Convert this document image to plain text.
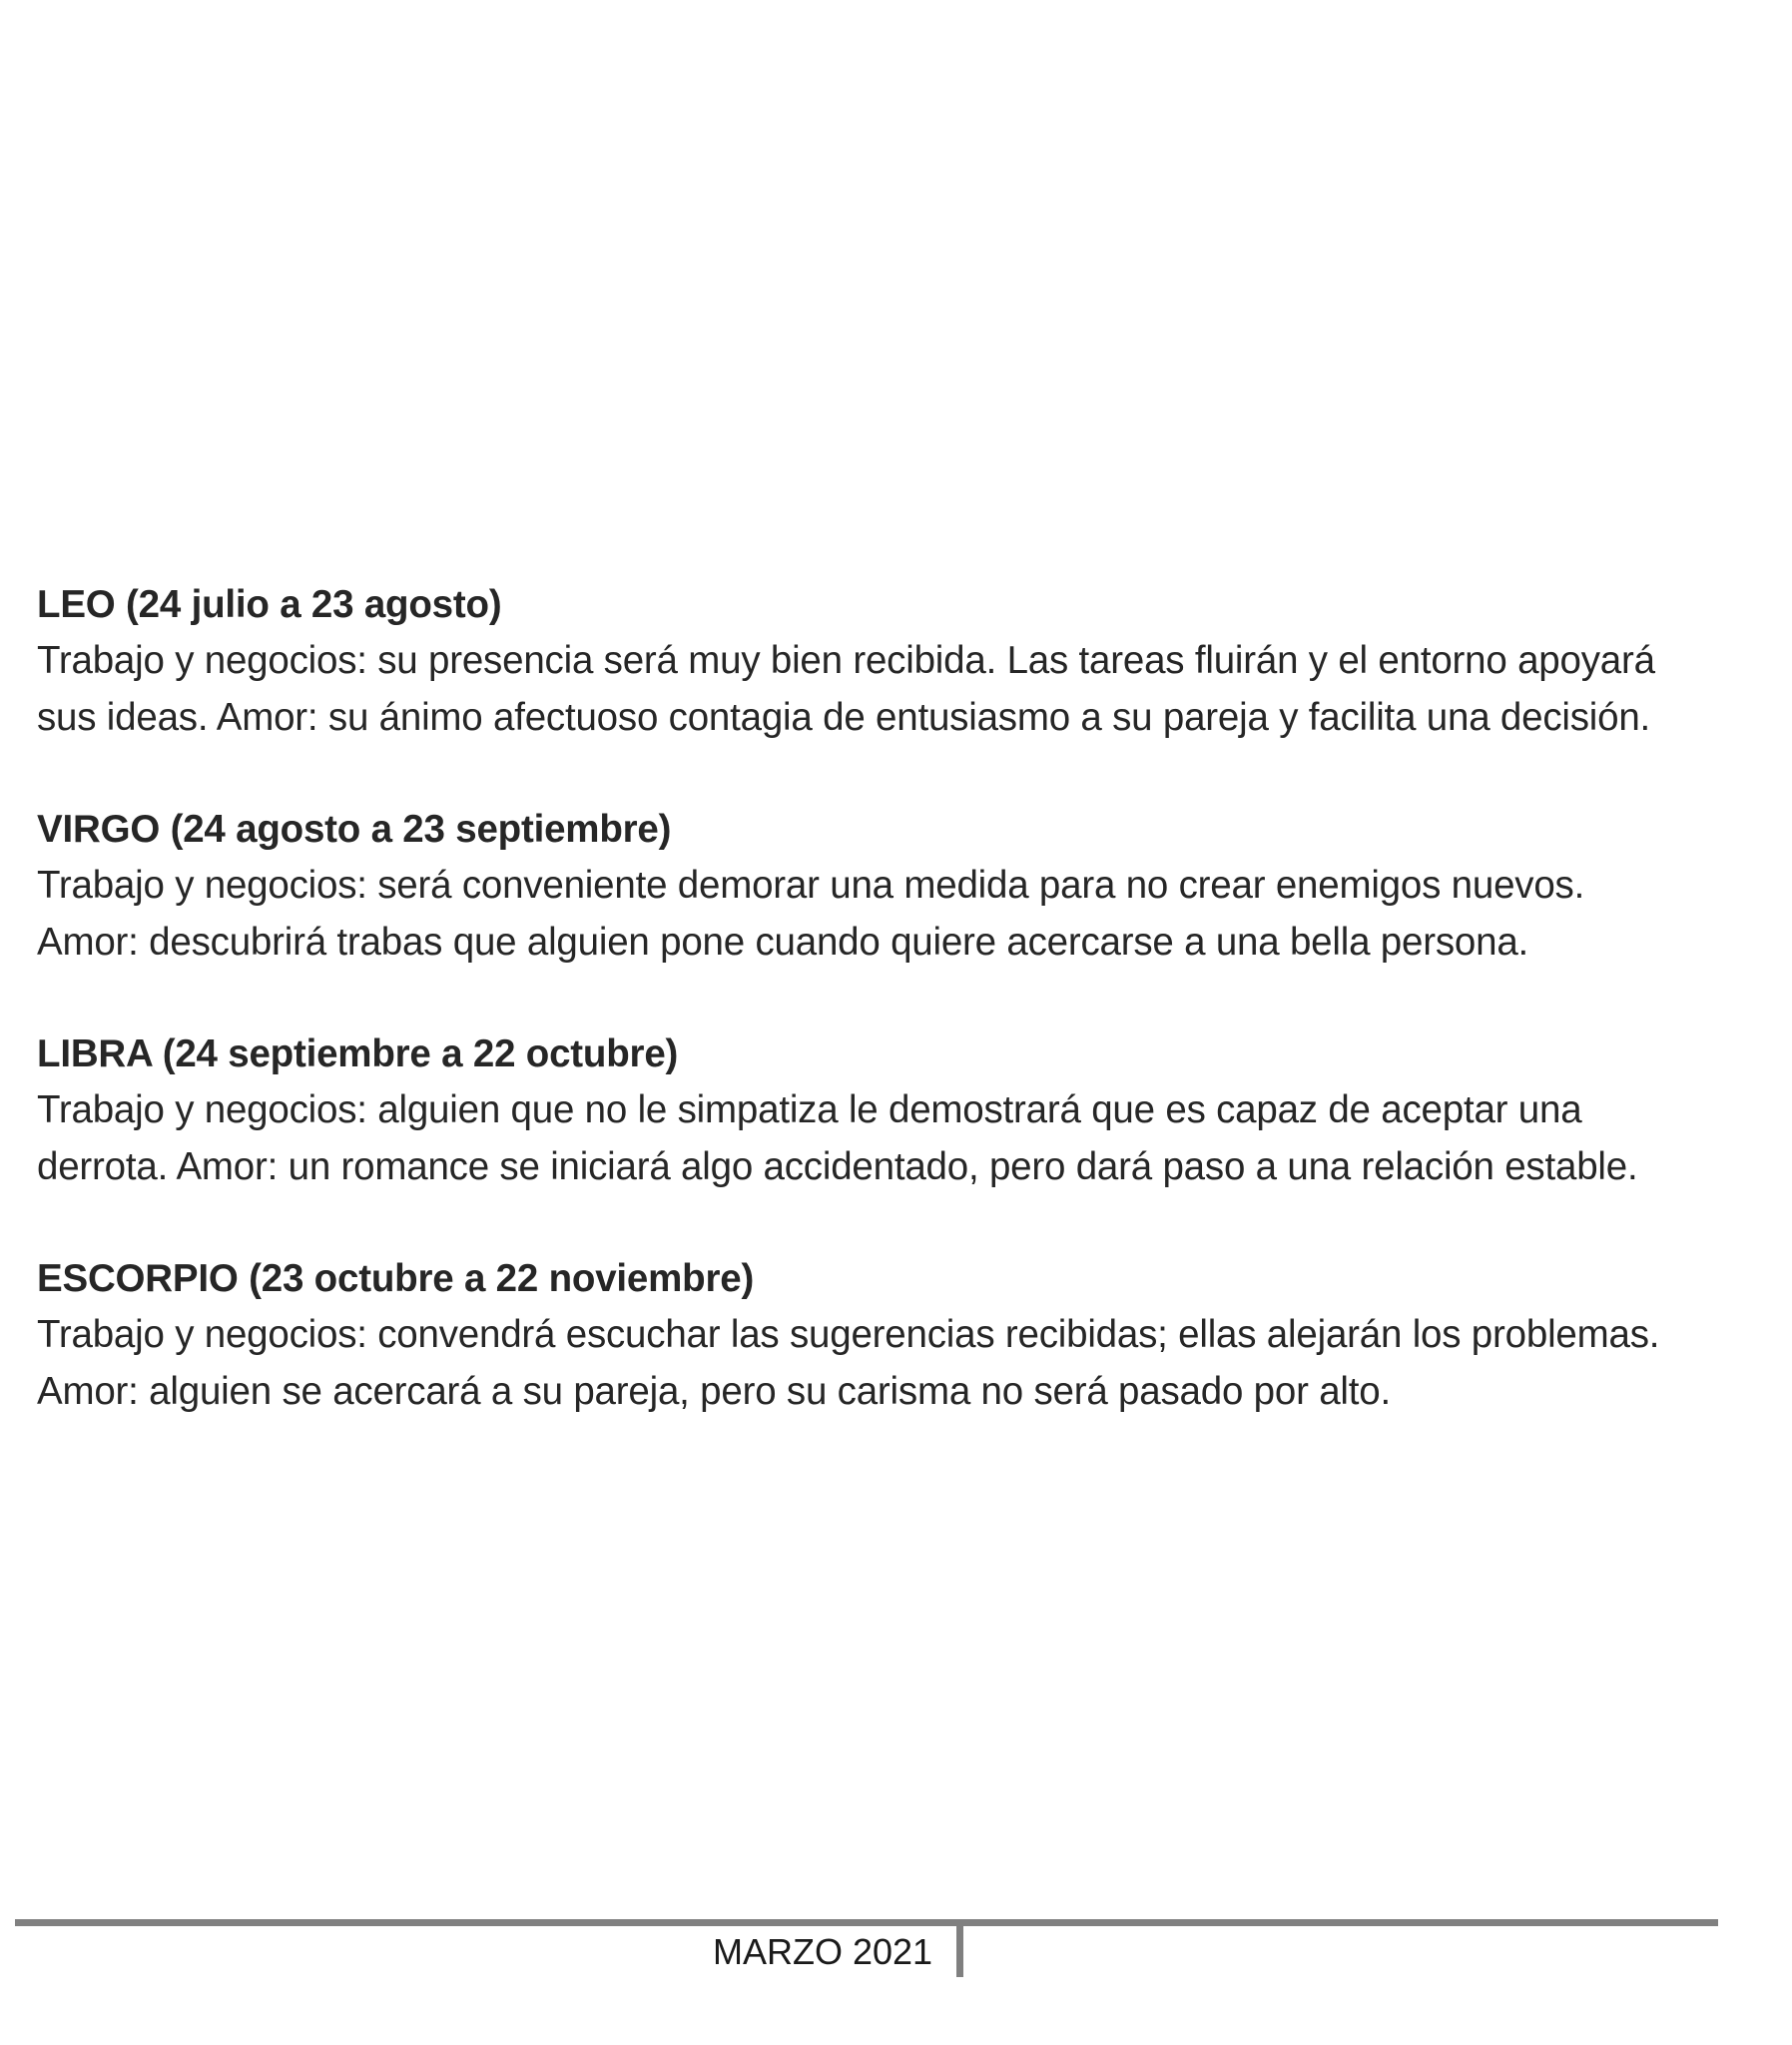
LEO (24 julio a 23 agosto)
Trabajo y negocios: su presencia será muy bien recibida. Las tareas fluirán y el entorno apoyará sus ideas. Amor: su ánimo afectuoso contagia de entusiasmo a su pareja y facilita una decisión.
VIRGO (24 agosto a 23 septiembre)
Trabajo y negocios: será conveniente demorar una medida para no crear enemigos nuevos. Amor: descubrirá trabas que alguien pone cuando quiere acercarse a una bella persona.
LIBRA (24 septiembre a 22 octubre)
Trabajo y negocios: alguien que no le simpatiza le demostrará que es capaz de aceptar una derrota. Amor: un romance se iniciará algo accidentado, pero dará paso a una relación estable.
ESCORPIO (23 octubre a 22 noviembre)
Trabajo y negocios: convendrá escuchar las sugerencias recibidas; ellas alejarán los problemas. Amor: alguien se acercará a su pareja, pero su carisma no será pasado por alto.
MARZO 2021
